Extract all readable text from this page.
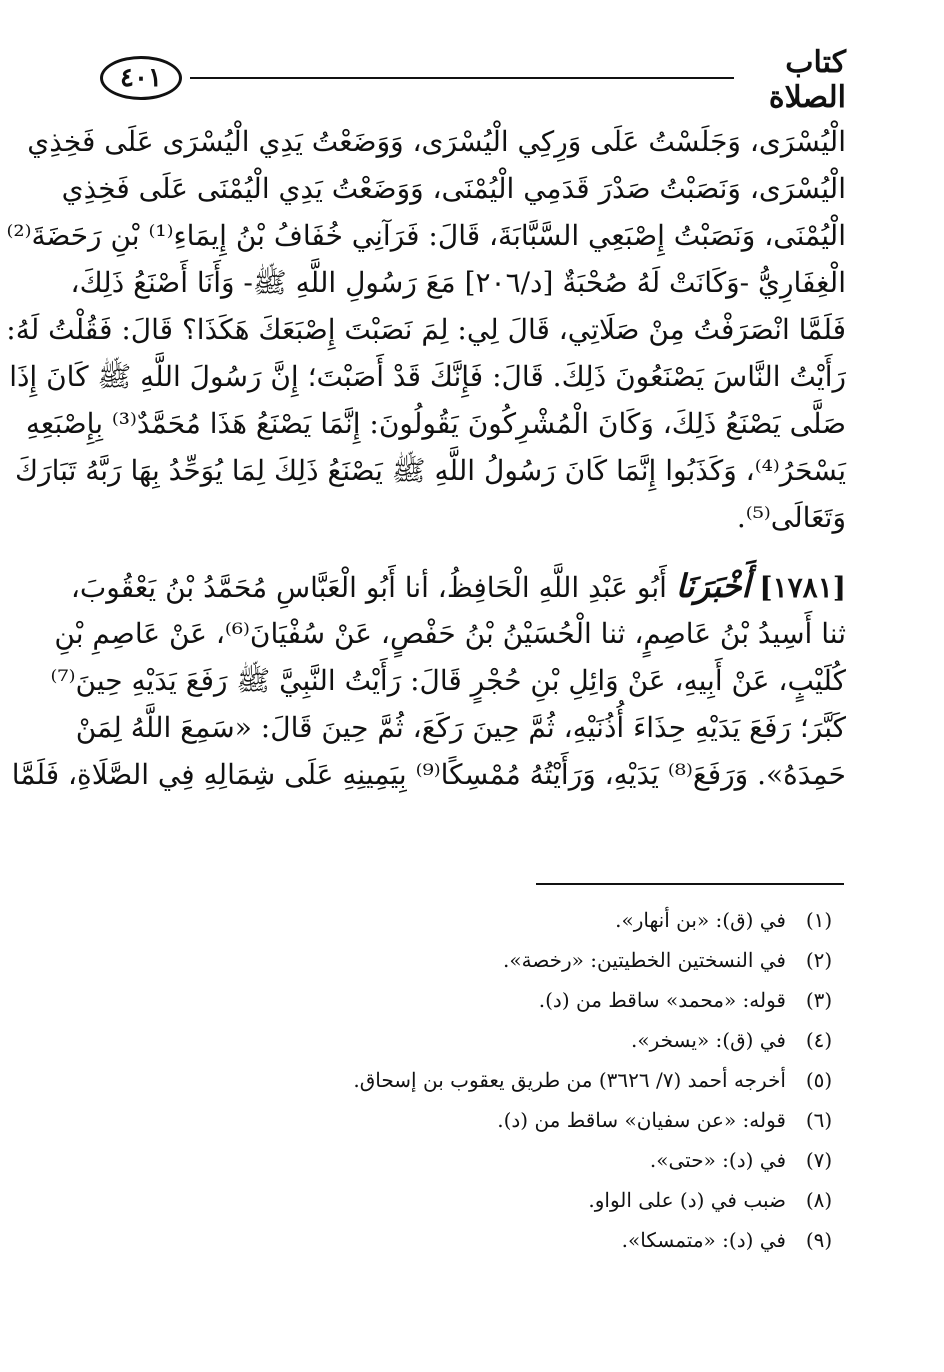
٤٠١	كتاب الصلاة
الْيُسْرَى، وَجَلَسْتُ عَلَى وَرِكِي الْيُسْرَى، وَوَضَعْتُ يَدِي الْيُسْرَى عَلَى فَخِذِي
الْيُسْرَى، وَنَصَبْتُ صَدْرَ قَدَمِي الْيُمْنَى، وَوَضَعْتُ يَدِي الْيُمْنَى عَلَى فَخِذِي
الْيُمْنَى، وَنَصَبْتُ إِصْبَعِي السَّبَّابَةَ، قَالَ: فَرَآنِي خُفَافُ بْنُ إِيمَاءِ⁽¹⁾ بْنِ رَحَضَةَ⁽²⁾
الْغِفَارِيُّ -وَكَانَتْ لَهُ صُحْبَةٌ [د/٢٠٦] مَعَ رَسُولِ اللَّهِ ﷺ- وَأَنَا أَصْنَعُ ذَلِكَ،
فَلَمَّا انْصَرَفْتُ مِنْ صَلَاتِي، قَالَ لِي: لِمَ نَصَبْتَ إِصْبَعَكَ هَكَذَا؟ قَالَ: فَقُلْتُ لَهُ:
رَأَيْتُ النَّاسَ يَصْنَعُونَ ذَلِكَ. قَالَ: فَإِنَّكَ قَدْ أَصَبْتَ؛ إِنَّ رَسُولَ اللَّهِ ﷺ كَانَ إِذَا
صَلَّى يَصْنَعُ ذَلِكَ، وَكَانَ الْمُشْرِكُونَ يَقُولُونَ: إِنَّمَا يَصْنَعُ هَذَا مُحَمَّدٌ⁽³⁾ بِإِصْبَعِهِ
يَسْحَرُ⁽⁴⁾، وَكَذَبُوا إِنَّمَا كَانَ رَسُولُ اللَّهِ ﷺ يَصْنَعُ ذَلِكَ لِمَا يُوَحِّدُ بِهَا رَبَّهُ تَبَارَكَ
وَتَعَالَى⁽⁵⁾.
[١٧٨١] أَخْبَرَنَا أَبُو عَبْدِ اللَّهِ الْحَافِظُ، أنا أَبُو الْعَبَّاسِ مُحَمَّدُ بْنُ يَعْقُوبَ،
ثنا أَسِيدُ بْنُ عَاصِمٍ، ثنا الْحُسَيْنُ بْنُ حَفْصٍ، عَنْ سُفْيَانَ⁽⁶⁾، عَنْ عَاصِمِ بْنِ
كُلَيْبٍ، عَنْ أَبِيهِ، عَنْ وَائِلِ بْنِ حُجْرٍ قَالَ: رَأَيْتُ النَّبِيَّ ﷺ رَفَعَ يَدَيْهِ حِينَ⁽⁷⁾
كَبَّرَ؛ رَفَعَ يَدَيْهِ حِذَاءَ أُذُنَيْهِ، ثُمَّ حِينَ رَكَعَ، ثُمَّ حِينَ قَالَ: «سَمِعَ اللَّهُ لِمَنْ
حَمِدَهُ». وَرَفَعَ⁽⁸⁾ يَدَيْهِ، وَرَأَيْتُهُ مُمْسِكًا⁽⁹⁾ بِيَمِينِهِ عَلَى شِمَالِهِ فِي الصَّلَاةِ، فَلَمَّا
(١)
في (ق): «بن أنهار».
(٢)
في النسختين الخطيتين: «رخصة».
(٣)
قوله: «محمد» ساقط من (د).
(٤)
في (ق): «يسخر».
(٥)
أخرجه أحمد (٧/ ٣٦٢٦) من طريق يعقوب بن إسحاق.
(٦)
قوله: «عن سفيان» ساقط من (د).
(٧)
في (د): «حتى».
(٨)
ضبب في (د) على الواو.
(٩)
في (د): «متمسكا».
